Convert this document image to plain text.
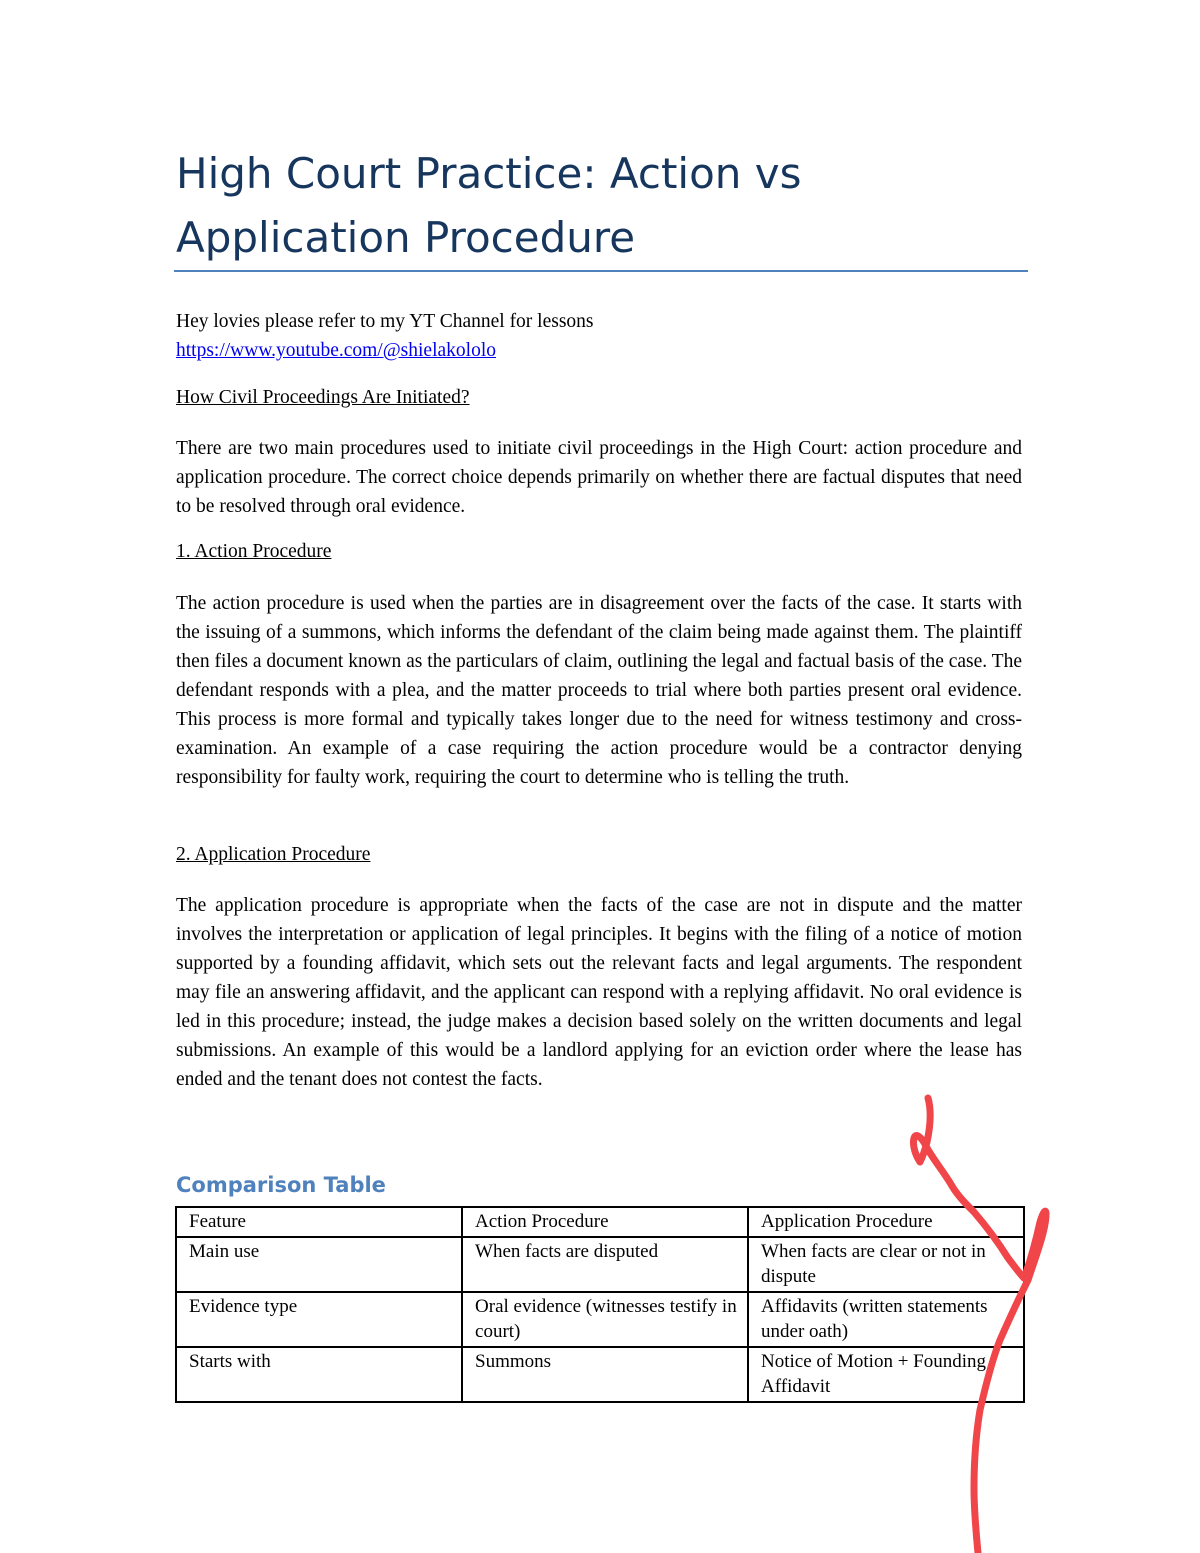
High Court Practice: Action vs Application Procedure

Hey lovies please refer to my YT Channel for lessons

https://www.youtube.com/@shielakololo

How Civil Proceedings Are Initiated?

There are two main procedures used to initiate civil proceedings in the High Court: action procedure and application procedure. The correct choice depends primarily on whether there are factual disputes that need to be resolved through oral evidence.

1. Action Procedure

The action procedure is used when the parties are in disagreement over the facts of the case. It starts with the issuing of a summons, which informs the defendant of the claim being made against them. The plaintiff then files a document known as the particulars of claim, outlining the legal and factual basis of the case. The defendant responds with a plea, and the matter proceeds to trial where both parties present oral evidence. This process is more formal and typically takes longer due to the need for witness testimony and cross-examination. An example of a case requiring the action procedure would be a contractor denying responsibility for faulty work, requiring the court to determine who is telling the truth.

2. Application Procedure

The application procedure is appropriate when the facts of the case are not in dispute and the matter involves the interpretation or application of legal principles. It begins with the filing of a notice of motion supported by a founding affidavit, which sets out the relevant facts and legal arguments. The respondent may file an answering affidavit, and the applicant can respond with a replying affidavit. No oral evidence is led in this procedure; instead, the judge makes a decision based solely on the written documents and legal submissions. An example of this would be a landlord applying for an eviction order where the lease has ended and the tenant does not contest the facts.

Comparison Table
Feature	Action Procedure	Application Procedure
Main use	When facts are disputed	When facts are clear or not in dispute
Evidence type	Oral evidence (witnesses testify in court)	Affidavits (written statements under oath)
Starts with	Summons	Notice of Motion + Founding Affidavit
